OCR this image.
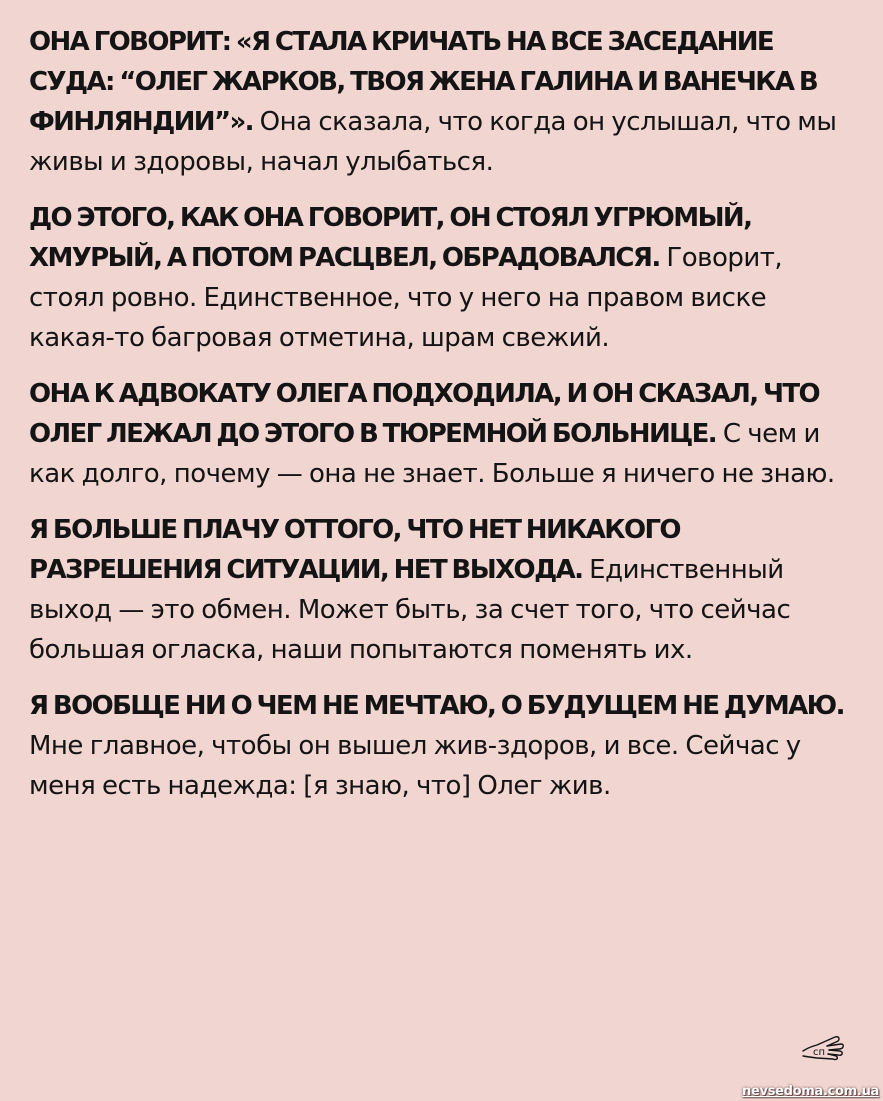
ОНА ГОВОРИТ: «Я СТАЛА КРИЧАТЬ НА ВСЕ ЗАСЕДАНИЕ СУДА: “ОЛЕГ ЖАРКОВ, ТВОЯ ЖЕНА ГАЛИНА И ВАНЕЧКА В ФИНЛЯНДИИ”». Она сказала, что когда он услышал, что мы живы и здоровы, начал улыбаться.

ДО ЭТОГО, КАК ОНА ГОВОРИТ, ОН СТОЯЛ УГРЮМЫЙ, ХМУРЫЙ, А ПОТОМ РАСЦВЕЛ, ОБРАДОВАЛСЯ. Говорит, стоял ровно. Единственное, что у него на правом виске какая-то багровая отметина, шрам свежий.

ОНА К АДВОКАТУ ОЛЕГА ПОДХОДИЛА, И ОН СКАЗАЛ, ЧТО ОЛЕГ ЛЕЖАЛ ДО ЭТОГО В ТЮРЕМНОЙ БОЛЬНИЦЕ. С чем и как долго, почему — она не знает. Больше я ничего не знаю.

Я БОЛЬШЕ ПЛАЧУ ОТТОГО, ЧТО НЕТ НИКАКОГО РАЗРЕШЕНИЯ СИТУАЦИИ, НЕТ ВЫХОДА. Единственный выход — это обмен. Может быть, за счет того, что сейчас большая огласка, наши попытаются поменять их.

Я ВООБЩЕ НИ О ЧЕМ НЕ МЕЧТАЮ, О БУДУЩЕМ НЕ ДУМАЮ. Мне главное, чтобы он вышел жив-здоров, и все. Сейчас у меня есть надежда: [я знаю, что] Олег жив.

сп
nevsedoma.com.ua
